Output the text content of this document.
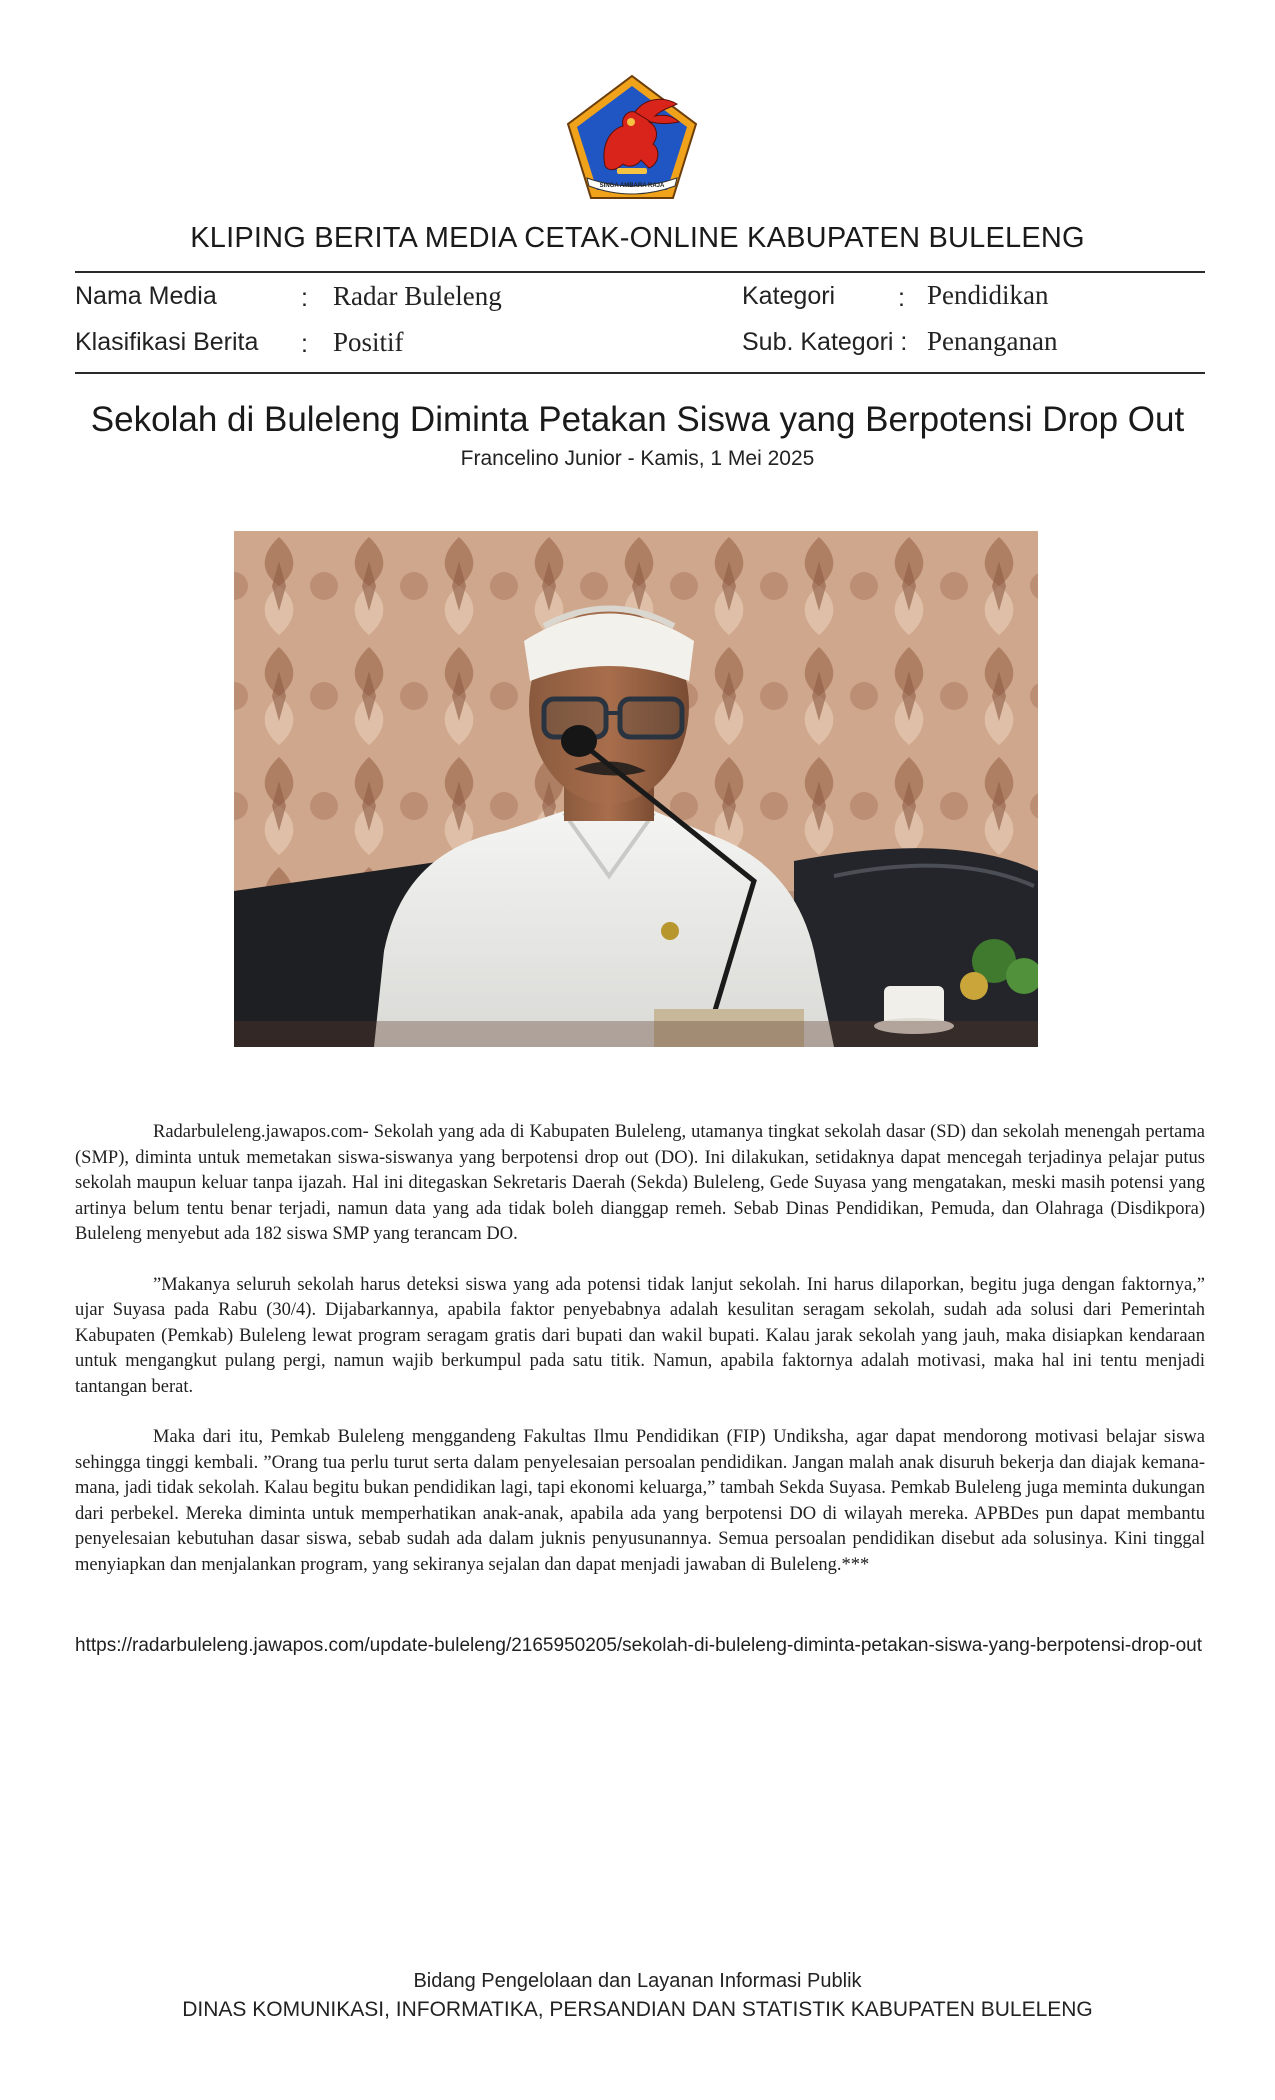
SINGA AMBARA RAJA
KLIPING BERITA MEDIA CETAK-ONLINE KABUPATEN BULELENG
Nama Media	: Radar Buleleng
Klasifikasi Berita : Positif
Kategori	: Pendidikan
Sub. Kategori : Penanganan
Sekolah di Buleleng Diminta Petakan Siswa yang Berpotensi Drop Out
Francelino Junior - Kamis, 1 Mei 2025

Radarbuleleng.jawapos.com- Sekolah yang ada di Kabupaten Buleleng, utamanya tingkat sekolah dasar (SD) dan sekolah menengah pertama (SMP), diminta untuk memetakan siswa-siswanya yang berpotensi drop out (DO). Ini dilakukan, setidaknya dapat mencegah terjadinya pelajar putus sekolah maupun keluar tanpa ijazah. Hal ini ditegaskan Sekretaris Daerah (Sekda) Buleleng, Gede Suyasa yang mengatakan, meski masih potensi yang artinya belum tentu benar terjadi, namun data yang ada tidak boleh dianggap remeh. Sebab Dinas Pendidikan, Pemuda, dan Olahraga (Disdikpora) Buleleng menyebut ada 182 siswa SMP yang terancam DO.

”Makanya seluruh sekolah harus deteksi siswa yang ada potensi tidak lanjut sekolah. Ini harus dilaporkan, begitu juga dengan faktornya,” ujar Suyasa pada Rabu (30/4). Dijabarkannya, apabila faktor penyebabnya adalah kesulitan seragam sekolah, sudah ada solusi dari Pemerintah Kabupaten (Pemkab) Buleleng lewat program seragam gratis dari bupati dan wakil bupati. Kalau jarak sekolah yang jauh, maka disiapkan kendaraan untuk mengangkut pulang pergi, namun wajib berkumpul pada satu titik. Namun, apabila faktornya adalah motivasi, maka hal ini tentu menjadi tantangan berat.

Maka dari itu, Pemkab Buleleng menggandeng Fakultas Ilmu Pendidikan (FIP) Undiksha, agar dapat mendorong motivasi belajar siswa sehingga tinggi kembali. ”Orang tua perlu turut serta dalam penyelesaian persoalan pendidikan. Jangan malah anak disuruh bekerja dan diajak kemana-mana, jadi tidak sekolah. Kalau begitu bukan pendidikan lagi, tapi ekonomi keluarga,” tambah Sekda Suyasa. Pemkab Buleleng juga meminta dukungan dari perbekel. Mereka diminta untuk memperhatikan anak-anak, apabila ada yang berpotensi DO di wilayah mereka. APBDes pun dapat membantu penyelesaian kebutuhan dasar siswa, sebab sudah ada dalam juknis penyusunannya. Semua persoalan pendidikan disebut ada solusinya. Kini tinggal menyiapkan dan menjalankan program, yang sekiranya sejalan dan dapat menjadi jawaban di Buleleng.***

https://radarbuleleng.jawapos.com/update-buleleng/2165950205/sekolah-di-buleleng-diminta-petakan-siswa-yang-berpotensi-drop-out
Bidang Pengelolaan dan Layanan Informasi Publik
DINAS KOMUNIKASI, INFORMATIKA, PERSANDIAN DAN STATISTIK KABUPATEN BULELENG
